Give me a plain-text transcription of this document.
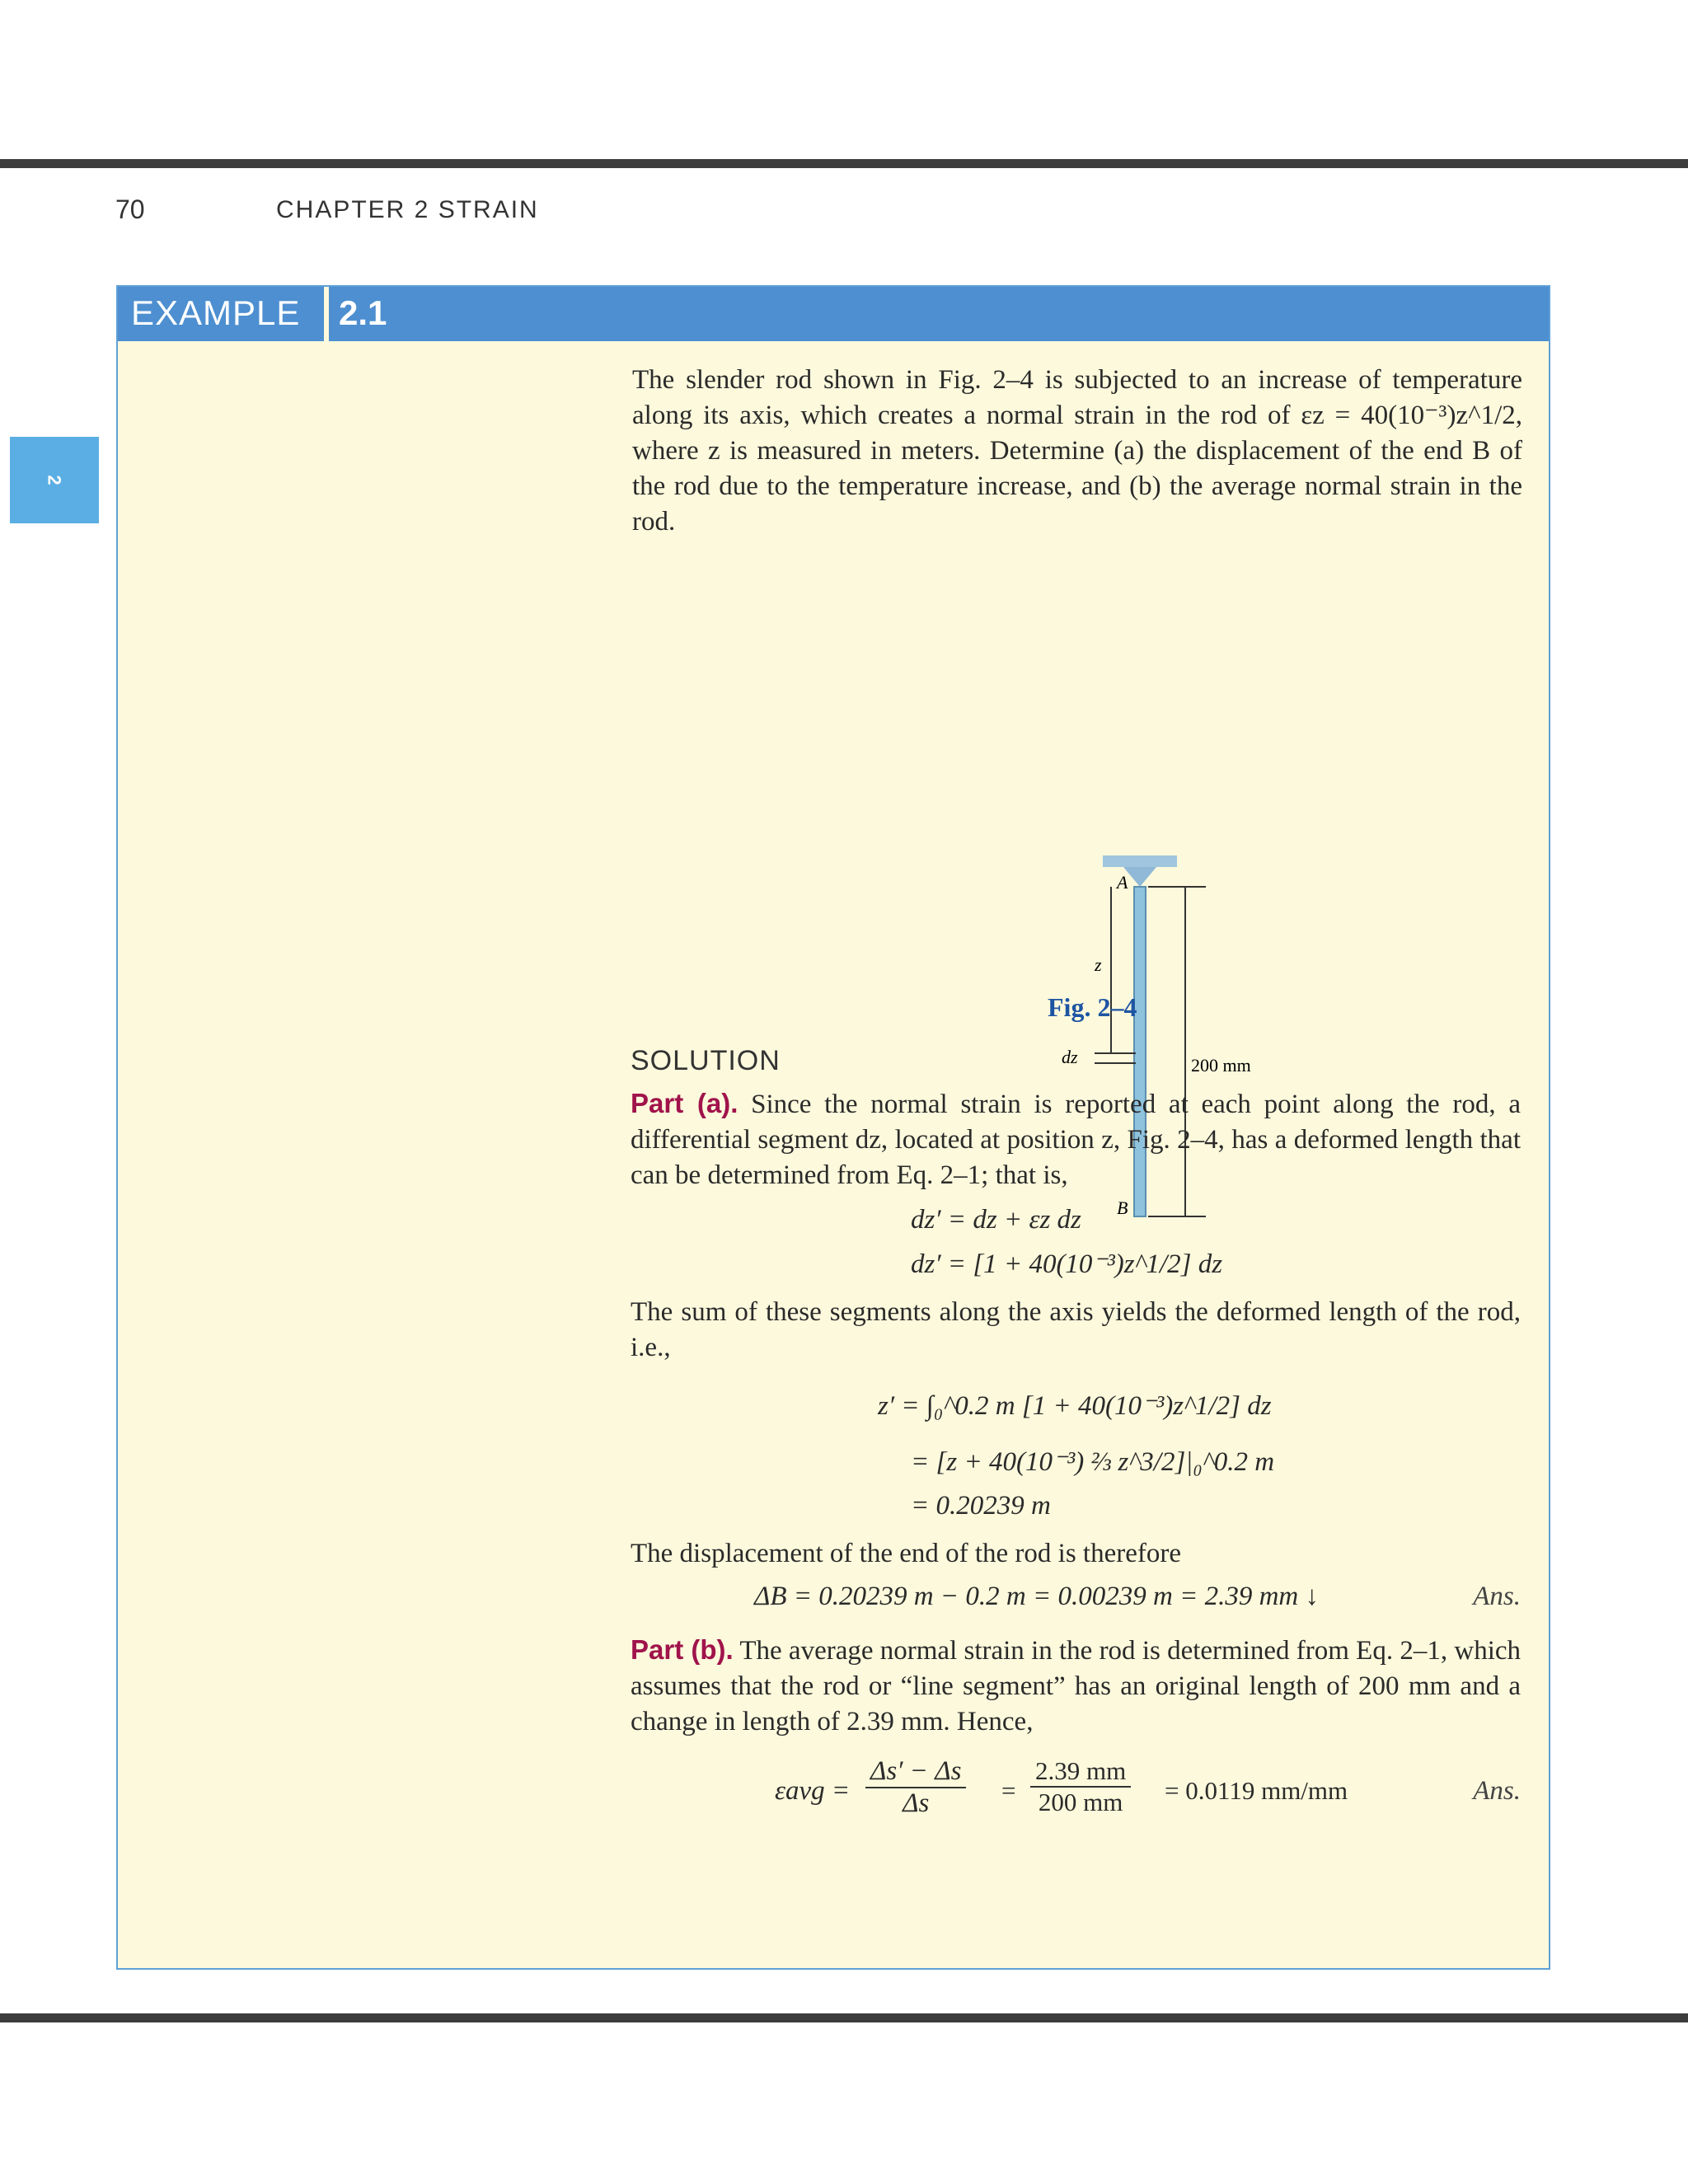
70	CHAPTER 2 STRAIN
2
EXAMPLE 2.1

The slender rod shown in Fig. 2–4 is subjected to an increase of temperature along its axis, which creates a normal strain in the rod of εz = 40(10⁻³)z^1/2, where z is measured in meters. Determine (a) the displacement of the end B of the rod due to the temperature increase, and (b) the average normal strain in the rod.

A
B
z
dz	200 mm
Fig. 2–4
SOLUTION

Part (a). Since the normal strain is reported at each point along the rod, a differential segment dz, located at position z, Fig. 2–4, has a deformed length that can be determined from Eq. 2–1; that is,

dz′ = dz + εz dz
dz′ = [1 + 40(10⁻³)z^1/2] dz

The sum of these segments along the axis yields the deformed length of the rod, i.e.,

z′ = ∫₀^0.2 m [1 + 40(10⁻³)z^1/2] dz
= [z + 40(10⁻³) ⅔ z^3/2]|₀^0.2 m
= 0.20239 m

The displacement of the end of the rod is therefore

ΔB = 0.20239 m − 0.2 m = 0.00239 m = 2.39 mm ↓	Ans.

Part (b). The average normal strain in the rod is determined from Eq. 2–1, which assumes that the rod or “line segment” has an original length of 200 mm and a change in length of 2.39 mm. Hence,

$\varepsilon avg = \frac{\Delta s' - \Delta s}{\Delta s} = \frac{2.39 mm}{200 mm} = 0.0119$ mm/mm	Ans.
